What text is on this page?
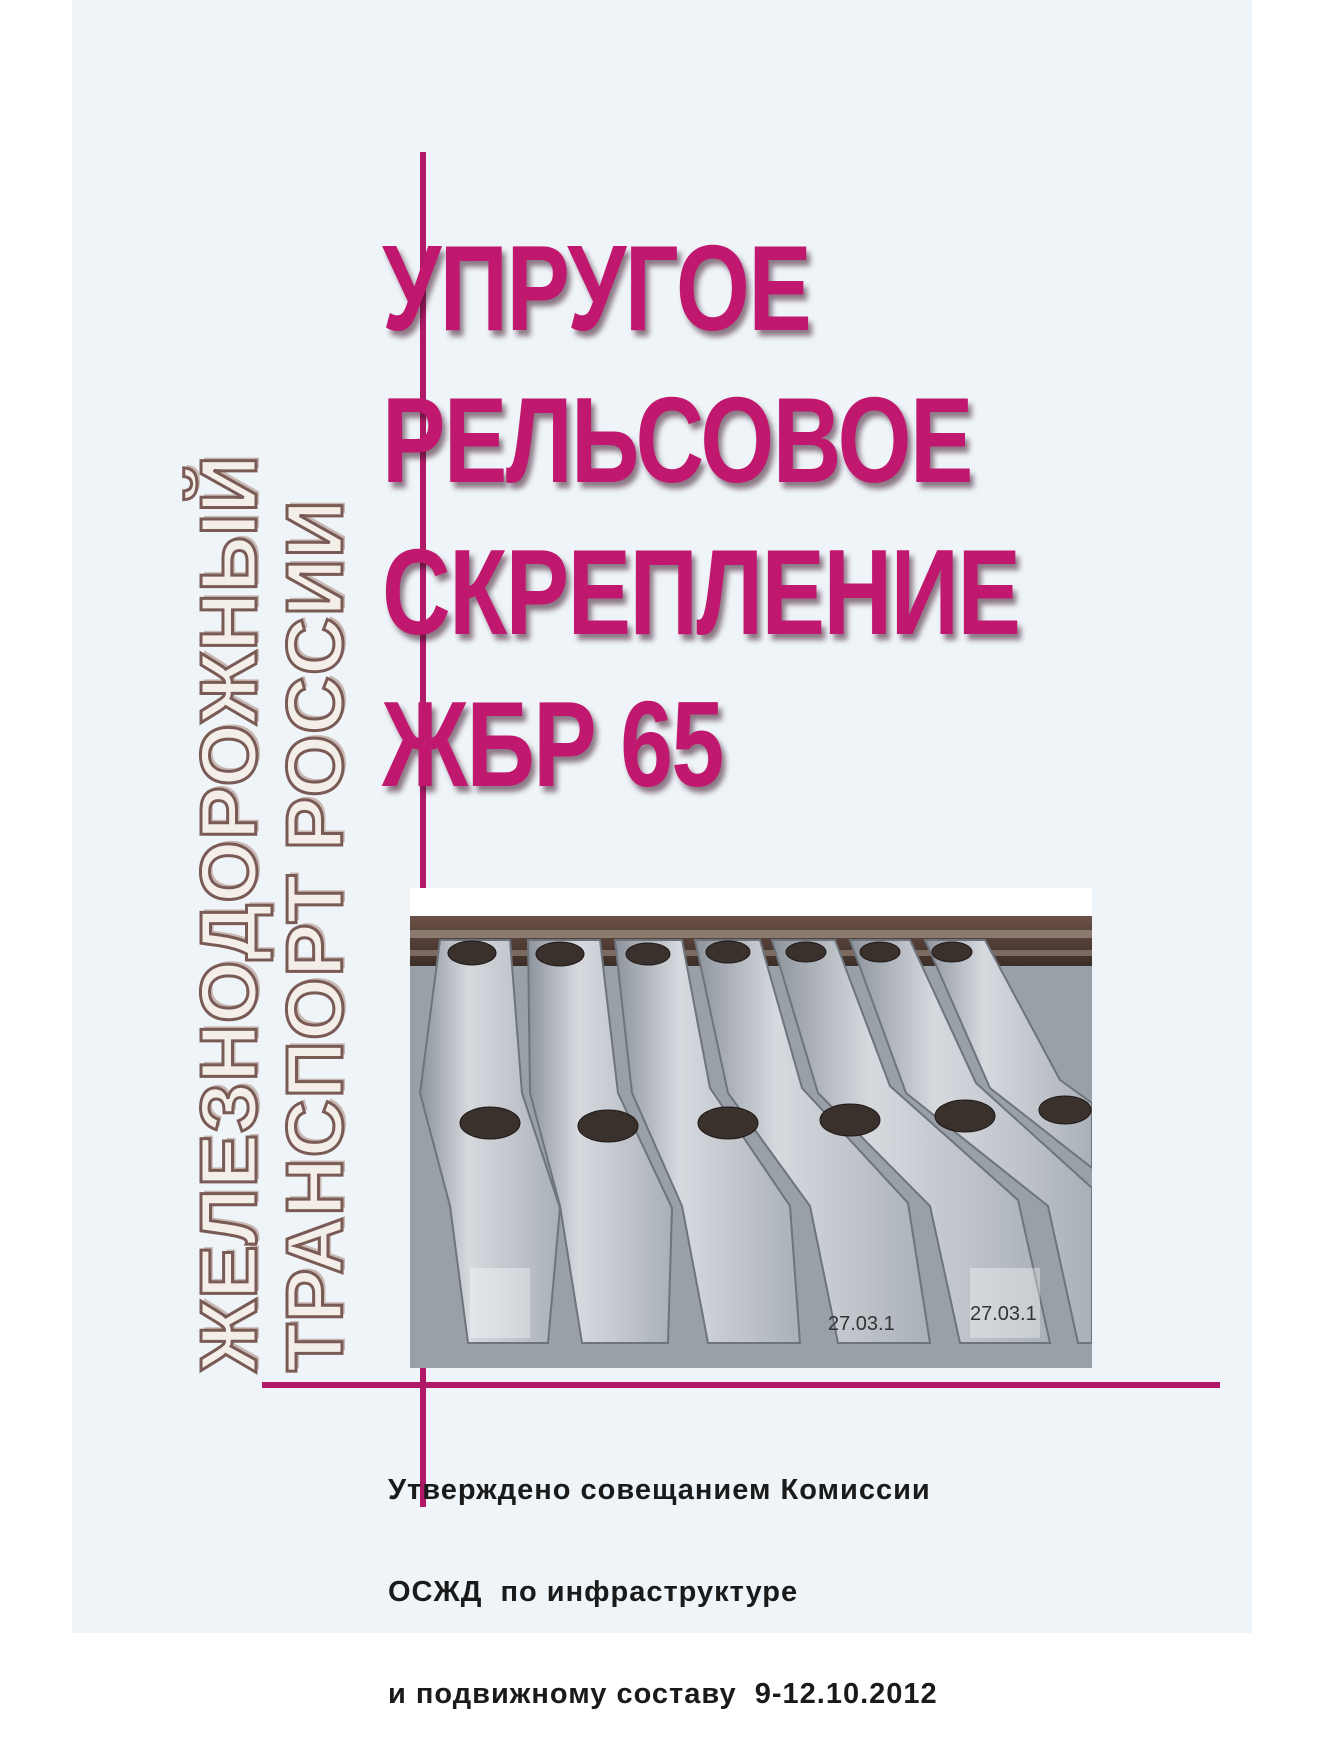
ЖЕЛЕЗНОДОРОЖНЫЙ
ТРАНСПОРТ РОССИИ
УПРУГОЕ
РЕЛЬСОВОЕ
СКРЕПЛЕНИЕ
ЖБР 65
27.03.1	27.03.1

Утверждено совещанием Комиссии

ОСЖД  по инфраструктуре

и подвижному составу  9-12.10.2012
